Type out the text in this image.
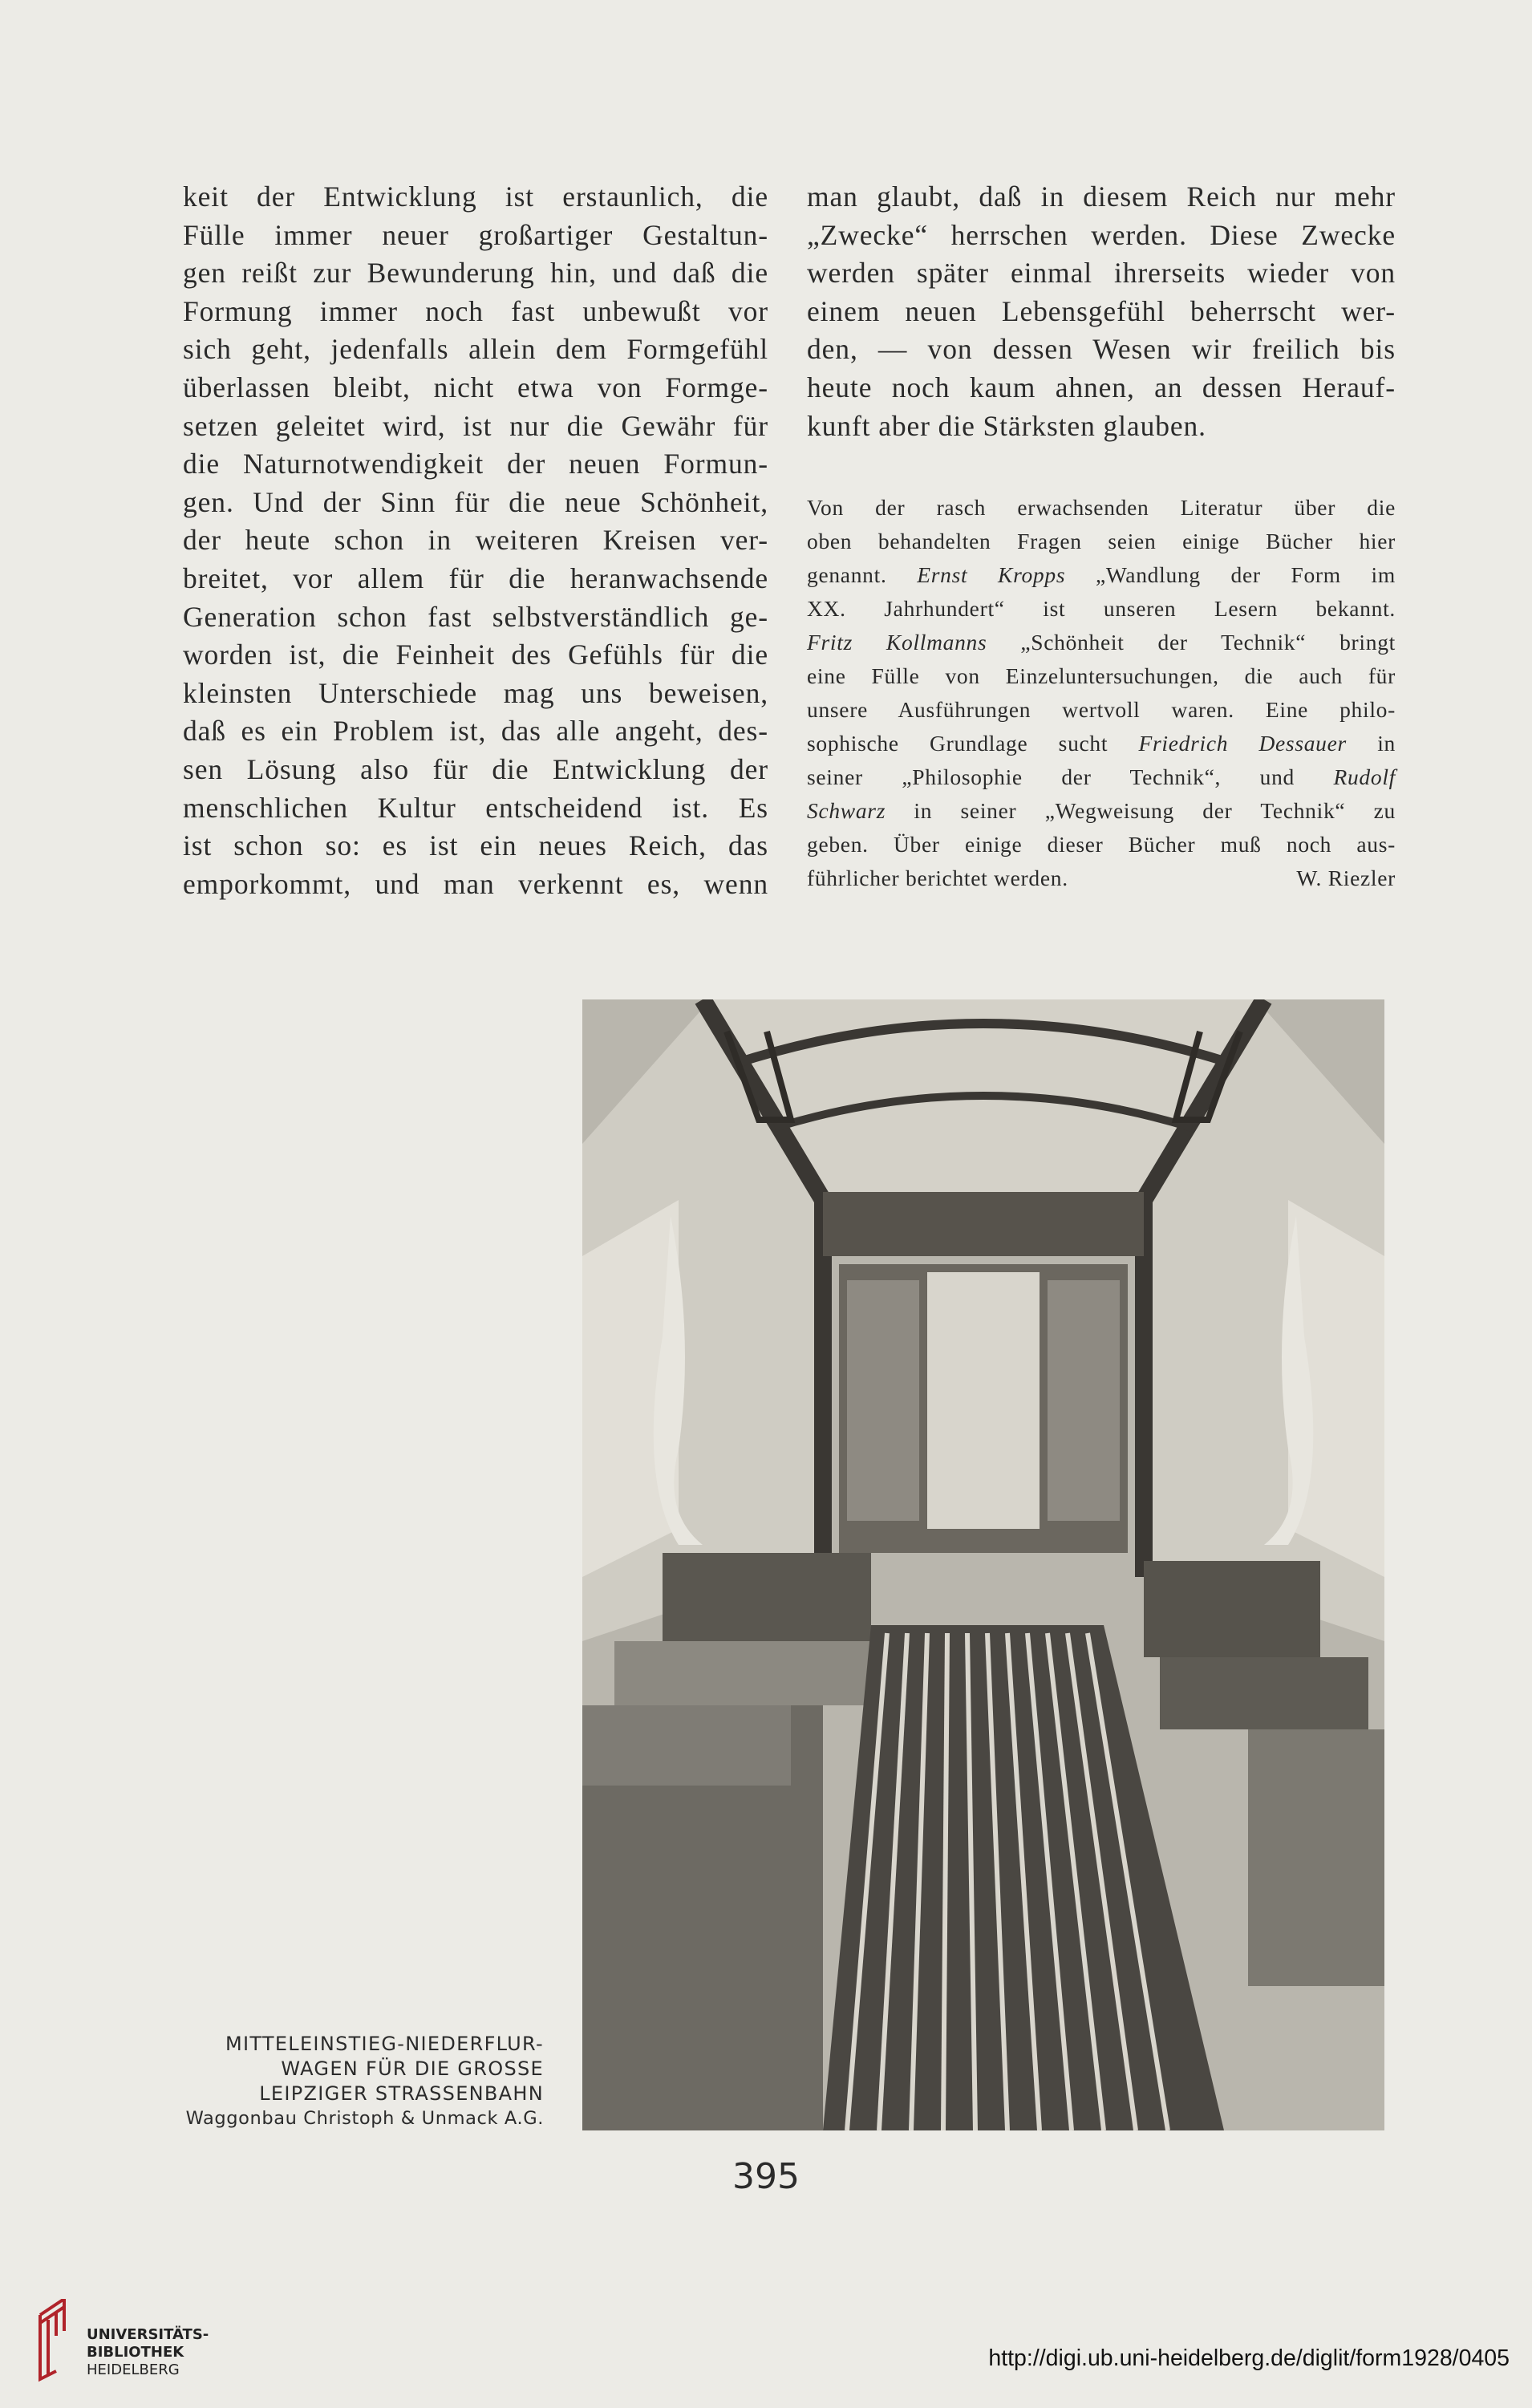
keit der Entwicklung ist erstaunlich, die
Fülle immer neuer großartiger Gestaltun-
gen reißt zur Bewunderung hin, und daß die
Formung immer noch fast unbewußt vor
sich geht, jedenfalls allein dem Formgefühl
überlassen bleibt, nicht etwa von Formge-
setzen geleitet wird, ist nur die Gewähr für
die Naturnotwendigkeit der neuen Formun-
gen. Und der Sinn für die neue Schönheit,
der heute schon in weiteren Kreisen ver-
breitet, vor allem für die heranwachsende
Generation schon fast selbstverständlich ge-
worden ist, die Feinheit des Gefühls für die
kleinsten Unterschiede mag uns beweisen,
daß es ein Problem ist, das alle angeht, des-
sen Lösung also für die Entwicklung der
menschlichen Kultur entscheidend ist. Es
ist schon so: es ist ein neues Reich, das
emporkommt, und man verkennt es, wenn
man glaubt, daß in diesem Reich nur mehr
„Zwecke“ herrschen werden. Diese Zwecke
werden später einmal ihrerseits wieder von
einem neuen Lebensgefühl beherrscht wer-
den, — von dessen Wesen wir freilich bis
heute noch kaum ahnen, an dessen Herauf-
kunft aber die Stärksten glauben.
Von der rasch erwachsenden Literatur über die
oben behandelten Fragen seien einige Bücher hier
genannt. Ernst Kropps „Wandlung der Form im
XX. Jahrhundert“ ist unseren Lesern bekannt.
Fritz Kollmanns „Schönheit der Technik“ bringt
eine Fülle von Einzeluntersuchungen, die auch für
unsere Ausführungen wertvoll waren. Eine philo-
sophische Grundlage sucht Friedrich Dessauer in
seiner „Philosophie der Technik“, und Rudolf
Schwarz in seiner „Wegweisung der Technik“ zu
geben. Über einige dieser Bücher muß noch aus-
führlicher berichtet werden.	W. Riezler
MITTELEINSTIEG-NIEDERFLUR-
WAGEN FÜR DIE GROSSE
LEIPZIGER STRASSENBAHN
Waggonbau Christoph & Unmack A.G.
395
UNIVERSITÄTS-
BIBLIOTHEK
HEIDELBERG	http://digi.ub.uni-heidelberg.de/diglit/form1928/0405
